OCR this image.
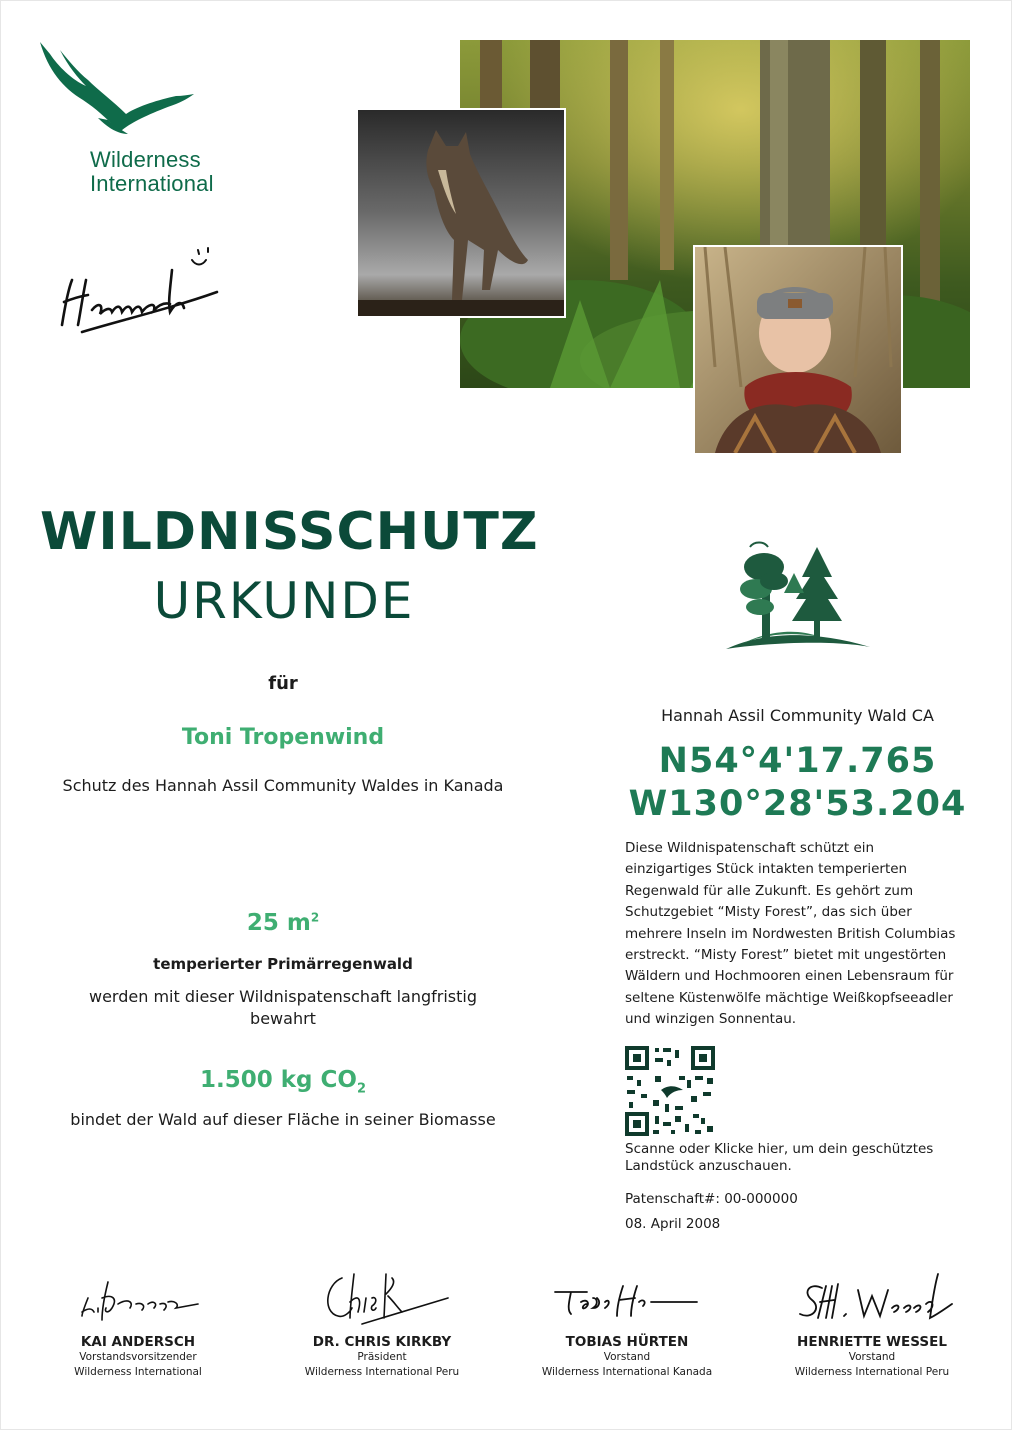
Wilderness
International
WILDNISSCHUTZ
URKUNDE
für
Toni Tropenwind
Schutz des Hannah Assil Community Waldes in Kanada
25 $m^2$
temperierter Primärregenwald
werden mit dieser Wildnispatenschaft langfristig bewahrt
1.500 kg $CO_2$
bindet der Wald auf dieser Fläche in seiner Biomasse
Hannah Assil Community Wald CA
N54°4'17.765
W130°28'53.204
Diese Wildnispatenschaft schützt ein einzigartiges Stück intakten temperierten Regenwald für alle Zukunft. Es gehört zum Schutzgebiet “Misty Forest”, das sich über mehrere Inseln im Nordwesten British Columbias erstreckt. “Misty Forest” bietet mit ungestörten Wäldern und Hochmooren einen Lebensraum für seltene Küstenwölfe mächtige Weißkopfseeadler und winzigen Sonnentau.
Scanne oder Klicke hier, um dein geschütztes Landstück anzuschauen.
Patenschaft#: 00-000000
08. April 2008
KAI ANDERSCH
Vorstandsvorsitzender
Wilderness International
DR. CHRIS KIRKBY
Präsident
Wilderness International Peru
TOBIAS HÜRTEN
Vorstand
Wilderness International Kanada
HENRIETTE WESSEL
Vorstand
Wilderness International Peru
